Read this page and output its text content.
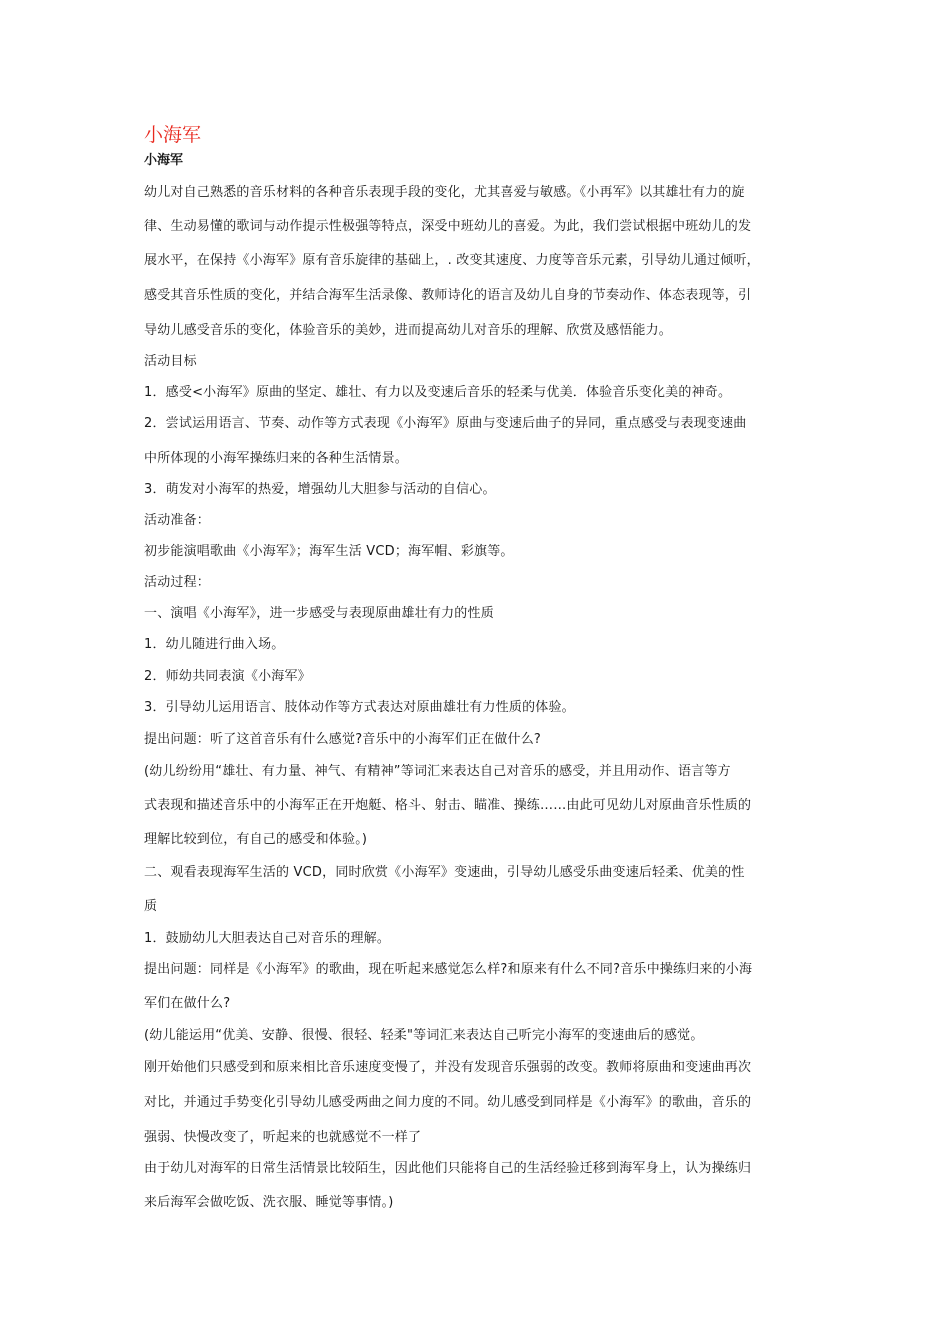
小海军
小海军
幼儿对自己熟悉的音乐材料的各种音乐表现手段的变化，尤其喜爱与敏感。《小再军》以其雄壮有力的旋
律、生动易懂的歌词与动作提示性极强等特点，深受中班幼儿的喜爱。为此，我们尝试根据中班幼儿的发
展水平，在保持《小海军》原有音乐旋律的基础上，. 改变其速度、力度等音乐元素，引导幼儿通过倾听，
感受其音乐性质的变化，并结合海军生活录像、教师诗化的语言及幼儿自身的节奏动作、体态表现等，引
导幼儿感受音乐的变化，体验音乐的美妙，进而提高幼儿对音乐的理解、欣赏及感悟能力。
活动目标
1．感受<小海军》原曲的坚定、雄壮、有力以及变速后音乐的轻柔与优美．体验音乐变化美的神奇。
2．尝试运用语言、节奏、动作等方式表现《小海军》原曲与变速后曲子的异同，重点感受与表现变速曲
中所体现的小海军操练归来的各种生活情景。
3．萌发对小海军的热爱，增强幼儿大胆参与活动的自信心。
活动准备：
初步能演唱歌曲《小海军》；海军生活 VCD；海军帽、彩旗等。
活动过程：
一、演唱《小海军》，进一步感受与表现原曲雄壮有力的性质
1．幼儿随进行曲入场。
2．师幼共同表演《小海军》
3．引导幼儿运用语言、肢体动作等方式表达对原曲雄壮有力性质的体验。
提出问题：听了这首音乐有什么感觉?音乐中的小海军们正在做什么?
(幼儿纷纷用“雄壮、有力量、神气、有精神”等词汇来表达自己对音乐的感受，并且用动作、语言等方
式表现和描述音乐中的小海军正在开炮艇、格斗、射击、瞄准、操练……由此可见幼儿对原曲音乐性质的
理解比较到位，有自己的感受和体验。)
二、观看表现海军生活的 VCD，同时欣赏《小海军》变速曲，引导幼儿感受乐曲变速后轻柔、优美的性
质
1．鼓励幼儿大胆表达自己对音乐的理解。
提出问题：同样是《小海军》的歌曲，现在听起来感觉怎么样?和原来有什么不同?音乐中操练归来的小海
军们在做什么?
(幼儿能运用“优美、安静、很慢、很轻、轻柔"等词汇来表达自己听完小海军的变速曲后的感觉。
刚开始他们只感受到和原来相比音乐速度变慢了，并没有发现音乐强弱的改变。教师将原曲和变速曲再次
对比，并通过手势变化引导幼儿感受两曲之间力度的不同。幼儿感受到同样是《小海军》的歌曲，音乐的
强弱、快慢改变了，听起来的也就感觉不一样了
由于幼儿对海军的日常生活情景比较陌生，因此他们只能将自己的生活经验迁移到海军身上，认为操练归
来后海军会做吃饭、洗衣服、睡觉等事情。)
